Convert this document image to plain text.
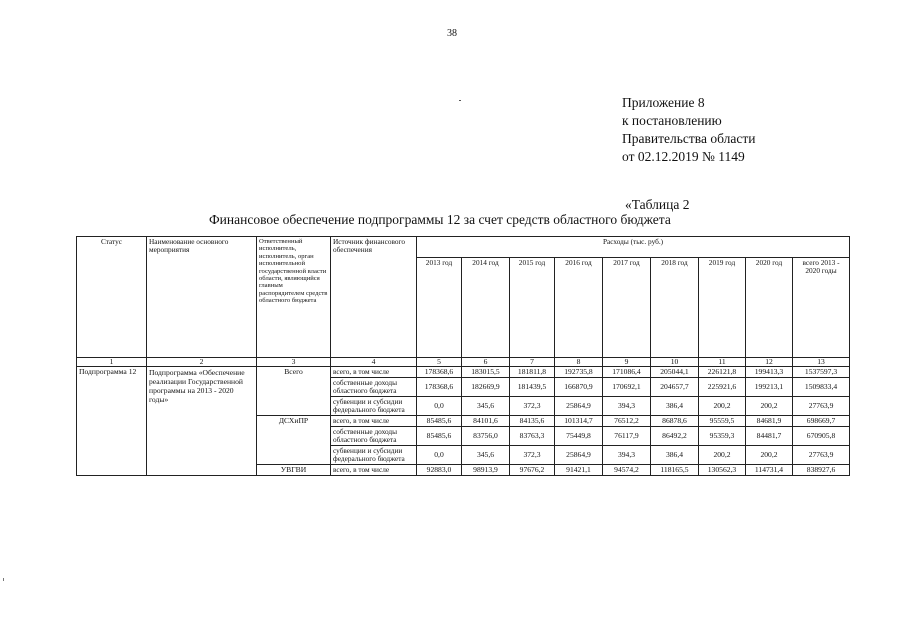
38
Приложение 8
к постановлению
Правительства области
от 02.12.2019 № 1149
«Таблица 2
Финансовое обеспечение подпрограммы 12 за счет средств областного бюджета
Статус	Наименование основного мероприятия	Ответственный исполнитель, исполнитель, орган исполнительной государственной власти области, являющийся главным распорядителем средств областного бюджета	Источник финансового обеспечения	Расходы (тыс. руб.)								
				2013 год	2014 год	2015 год	2016 год	2017 год	2018 год	2019 год	2020 год	всего 2013 - 2020 годы
1	2	3	4	5	6	7	8	9	10	11	12	13
Подпрограмма 12	Подпрограмма «Обеспечение реализации Государственной программы на 2013 - 2020 годы»	Всего	всего, в том числе	178368,6	183015,5	181811,8	192735,8	171086,4	205044,1	226121,8	199413,3	1537597,3
			собственные доходы областного бюджета	178368,6	182669,9	181439,5	166870,9	170692,1	204657,7	225921,6	199213,1	1509833,4
			субвенции и субсидии федерального бюджета	0,0	345,6	372,3	25864,9	394,3	386,4	200,2	200,2	27763,9
		ДСХиПР	всего, в том числе	85485,6	84101,6	84135,6	101314,7	76512,2	86878,6	95559,5	84681,9	698669,7
			собственные доходы областного бюджета	85485,6	83756,0	83763,3	75449,8	76117,9	86492,2	95359,3	84481,7	670905,8
			субвенции и субсидии федерального бюджета	0,0	345,6	372,3	25864,9	394,3	386,4	200,2	200,2	27763,9
		УВГВИ	всего, в том числе	92883,0	98913,9	97676,2	91421,1	94574,2	118165,5	130562,3	114731,4	838927,6
